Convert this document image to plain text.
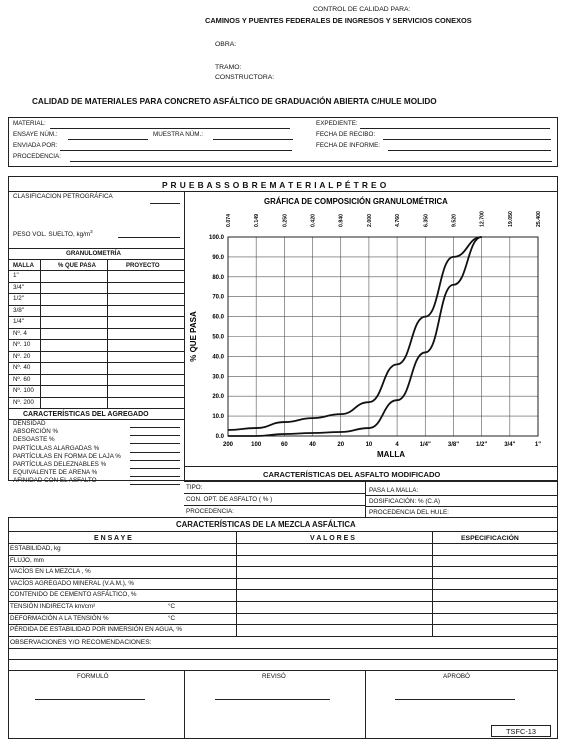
CONTROL DE CALIDAD PARA:
CAMINOS Y PUENTES FEDERALES DE INGRESOS Y SERVICIOS CONEXOS
OBRA:
TRAMO:
CONSTRUCTORA:
CALIDAD DE MATERIALES PARA CONCRETO ASFÁLTICO DE GRADUACIÓN ABIERTA C/HULE MOLIDO
MATERIAL:	EXPEDIENTE:
ENSAYE NÚM.:	MUESTRA NÚM.:	FECHA DE RECIBO:
ENVIADA POR:	FECHA DE INFORME:
PROCEDENCIA:
P R U E B A S S O B R E M A T E R I A L P É T R E O
CLASIFICACION PETROGRÁFICA
PESO VOL. SUELTO, $kg/m^3$
GRANULOMETRÍA
MALLA	% QUE PASA	PROYECTO
1"
3/4"
1/2"
3/8"
1/4"
Nº. 4
Nº. 10
Nº. 20
Nº. 40
Nº. 60
Nº. 100
Nº. 200
CARACTERÍSTICAS DEL AGREGADO
DENSIDAD
ABSORCIÓN %
DESGASTE %
PARTÍCULAS ALARGADAS %
PARTÍCULAS EN FORMA DE LAJA %
PARTÍCULAS DELEZNABLES %
EQUIVALENTE DE ARENA %
AFINIDAD CON EL ASFALTO
GRÁFICA DE COMPOSICIÓN GRANULOMÉTRICA
0.074	0.149	0.250	0.420	0.840	2.000	4.760	6.350	9.520	12.700	19.050	25.400
100.0
90.0
80.0
70.0
60.0
50.0
40.0
30.0
20.0
10.0
0.0
200	100	60	40	20	10	4	1/4"	3/8"	1/2"	3/4"	1"
% QUE PASA
MALLA
CARACTERÍSTICAS DEL ASFALTO MODIFICADO
TIPO:
CON. OPT. DE ASFALTO ( % )
PROCEDENCIA:
PASA LA MALLA:
DOSIFICACIÓN: % (C.A)
PROCEDENCIA DEL HULE:
CARACTERÍSTICAS DE LA MEZCLA ASFÁLTICA
E N S A Y E	V A L O R E S	ESPECIFICACIÓN
ESTABILIDAD, kg
FLUJO, mm
VACÍOS EN LA MEZCLA , %
VACÍOS AGREGADO MINERAL (V.A.M.), %
CONTENIDO DE CEMENTO ASFÁLTICO, %
TENSIÓN INDIRECTA km/cm²	°C
DEFORMACIÓN A LA TENSIÓN %	°C
PÉRDIDA DE ESTABILIDAD POR INMERSIÓN EN AGUA, %
OBSERVACIONES Y/O RECOMENDACIONES:
FORMULÓ	REVISÓ	APROBÓ
TSFC-13
